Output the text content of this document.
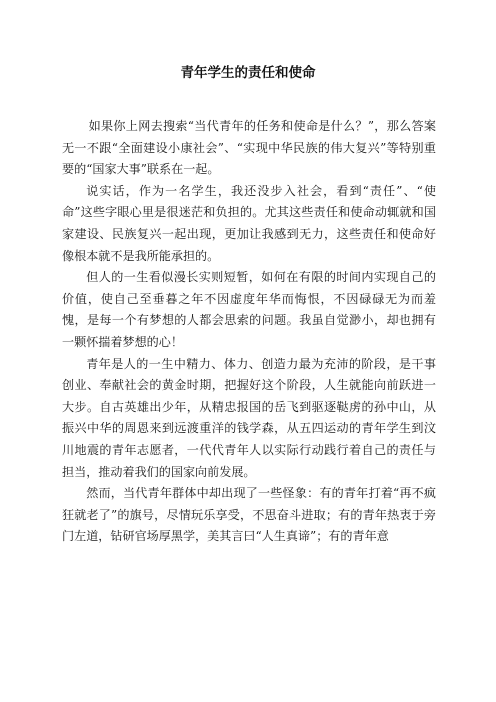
青年学生的责任和使命

如果你上网去搜索“当代青年的任务和使命是什么？”，那么答案无一不跟“全面建设小康社会”、“实现中华民族的伟大复兴”等特别重要的“国家大事”联系在一起。

说实话，作为一名学生，我还没步入社会，看到“责任”、“使命”这些字眼心里是很迷茫和负担的。尤其这些责任和使命动辄就和国家建设、民族复兴一起出现，更加让我感到无力，这些责任和使命好像根本就不是我所能承担的。

但人的一生看似漫长实则短暂，如何在有限的时间内实现自己的价值，使自己至垂暮之年不因虚度年华而悔恨，不因碌碌无为而羞愧，是每一个有梦想的人都会思索的问题。我虽自觉渺小，却也拥有一颗怀揣着梦想的心！

青年是人的一生中精力、体力、创造力最为充沛的阶段，是干事创业、奉献社会的黄金时期，把握好这个阶段，人生就能向前跃进一大步。自古英雄出少年，从精忠报国的岳飞到驱逐鞑虏的孙中山，从振兴中华的周恩来到远渡重洋的钱学森，从五四运动的青年学生到汶川地震的青年志愿者，一代代青年人以实际行动践行着自己的责任与担当，推动着我们的国家向前发展。

然而，当代青年群体中却出现了一些怪象：有的青年打着“再不疯狂就老了”的旗号，尽情玩乐享受，不思奋斗进取；有的青年热衷于旁门左道，钻研官场厚黑学，美其言曰“人生真谛”；有的青年意
